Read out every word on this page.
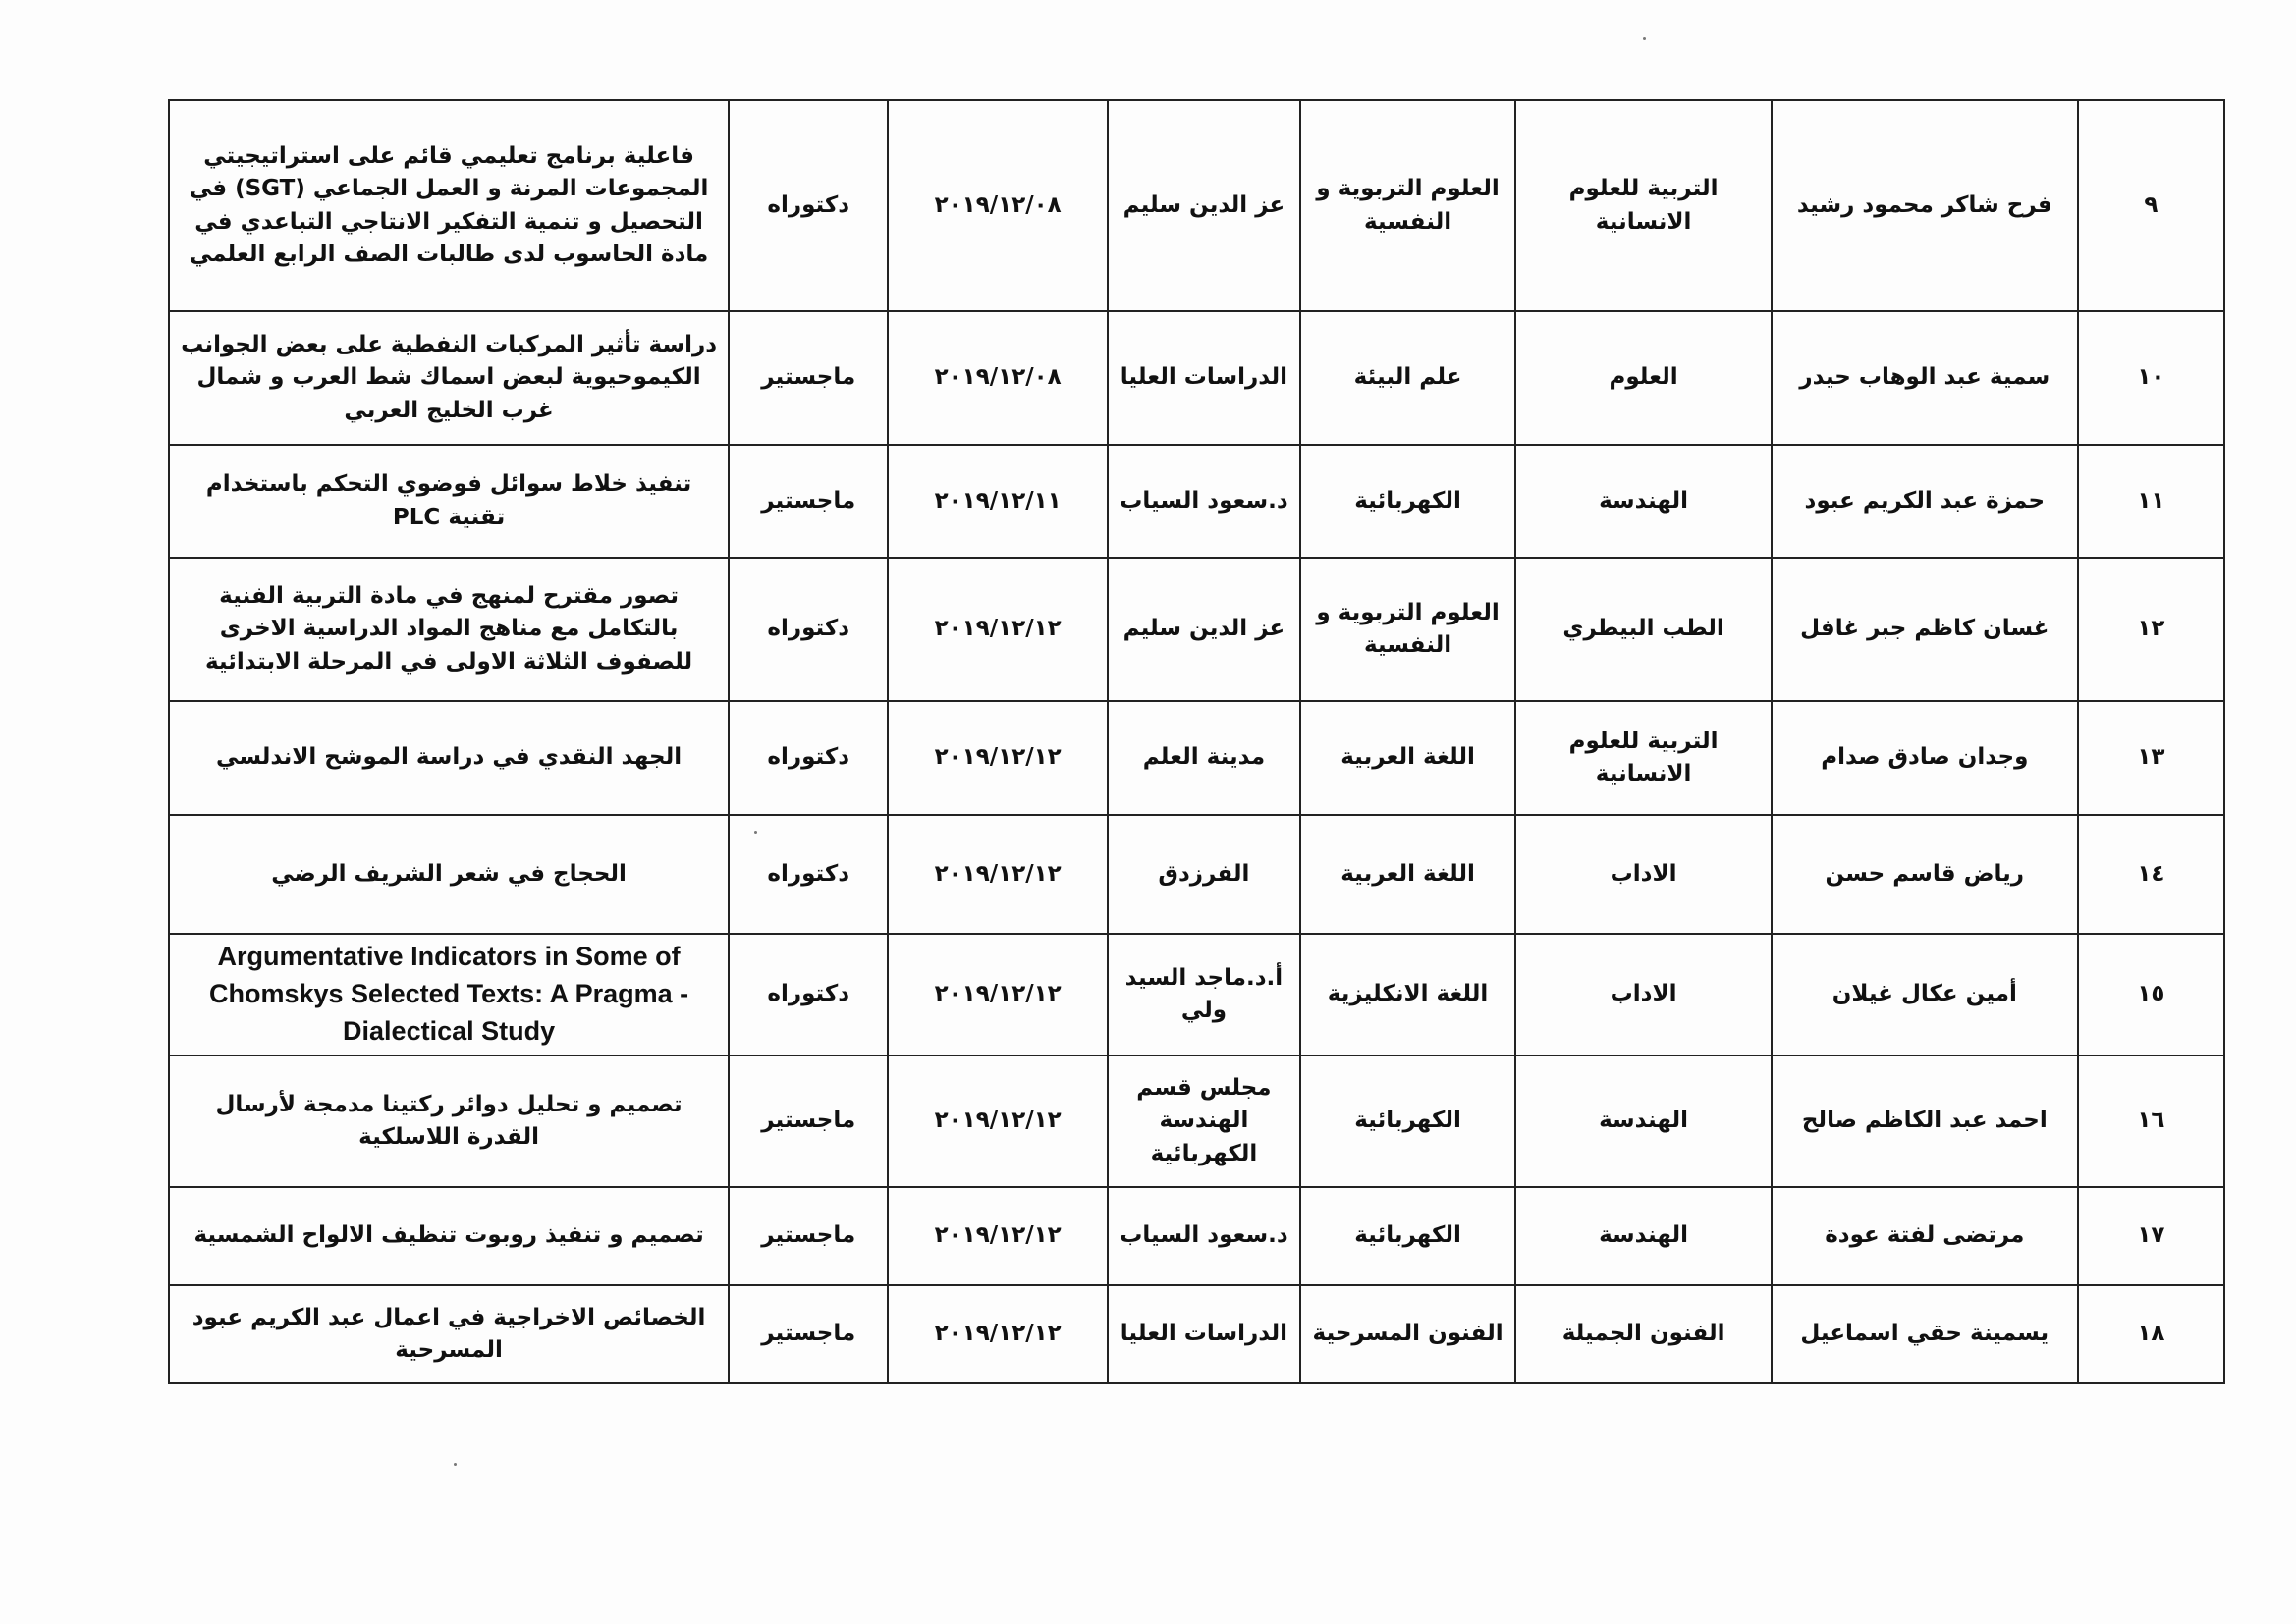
٩	فرح شاكر محمود رشيد	التربية للعلوم الانسانية	العلوم التربوية و النفسية	عز الدين سليم	٢٠١٩/١٢/٠٨	دكتوراه	فاعلية برنامج تعليمي قائم على استراتيجيتي المجموعات المرنة و العمل الجماعي (SGT) في التحصيل و تنمية التفكير الانتاجي التباعدي في مادة الحاسوب لدى طالبات الصف الرابع العلمي
١٠	سمية عبد الوهاب حيدر	العلوم	علم البيئة	الدراسات العليا	٢٠١٩/١٢/٠٨	ماجستير	دراسة تأثير المركبات النفطية على بعض الجوانب الكيموحيوية لبعض اسماك شط العرب و شمال غرب الخليج العربي
١١	حمزة عبد الكريم عبود	الهندسة	الكهربائية	د.سعود السياب	٢٠١٩/١٢/١١	ماجستير	تنفيذ خلاط سوائل فوضوي التحكم باستخدام تقنية PLC
١٢	غسان كاظم جبر غافل	الطب البيطري	العلوم التربوية و النفسية	عز الدين سليم	٢٠١٩/١٢/١٢	دكتوراه	تصور مقترح لمنهج في مادة التربية الفنية بالتكامل مع مناهج المواد الدراسية الاخرى للصفوف الثلاثة الاولى في المرحلة الابتدائية
١٣	وجدان صادق صدام	التربية للعلوم الانسانية	اللغة العربية	مدينة العلم	٢٠١٩/١٢/١٢	دكتوراه	الجهد النقدي في دراسة الموشح الاندلسي
١٤	رياض قاسم حسن	الاداب	اللغة العربية	الفرزدق	٢٠١٩/١٢/١٢	دكتوراه	الحجاج في شعر الشريف الرضي
١٥	أمين عكال غيلان	الاداب	اللغة الانكليزية	أ.د.ماجد السيد ولي	٢٠١٩/١٢/١٢	دكتوراه	Argumentative Indicators in Some of Chomskys Selected Texts: A Pragma - Dialectical Study
١٦	احمد عبد الكاظم صالح	الهندسة	الكهربائية	مجلس قسم الهندسة الكهربائية	٢٠١٩/١٢/١٢	ماجستير	تصميم و تحليل دوائر ركتينا مدمجة لأرسال القدرة اللاسلكية
١٧	مرتضى لفتة عودة	الهندسة	الكهربائية	د.سعود السياب	٢٠١٩/١٢/١٢	ماجستير	تصميم و تنفيذ روبوت تنظيف الالواح الشمسية
١٨	يسمينة حقي اسماعيل	الفنون الجميلة	الفنون المسرحية	الدراسات العليا	٢٠١٩/١٢/١٢	ماجستير	الخصائص الاخراجية في اعمال عبد الكريم عبود المسرحية
